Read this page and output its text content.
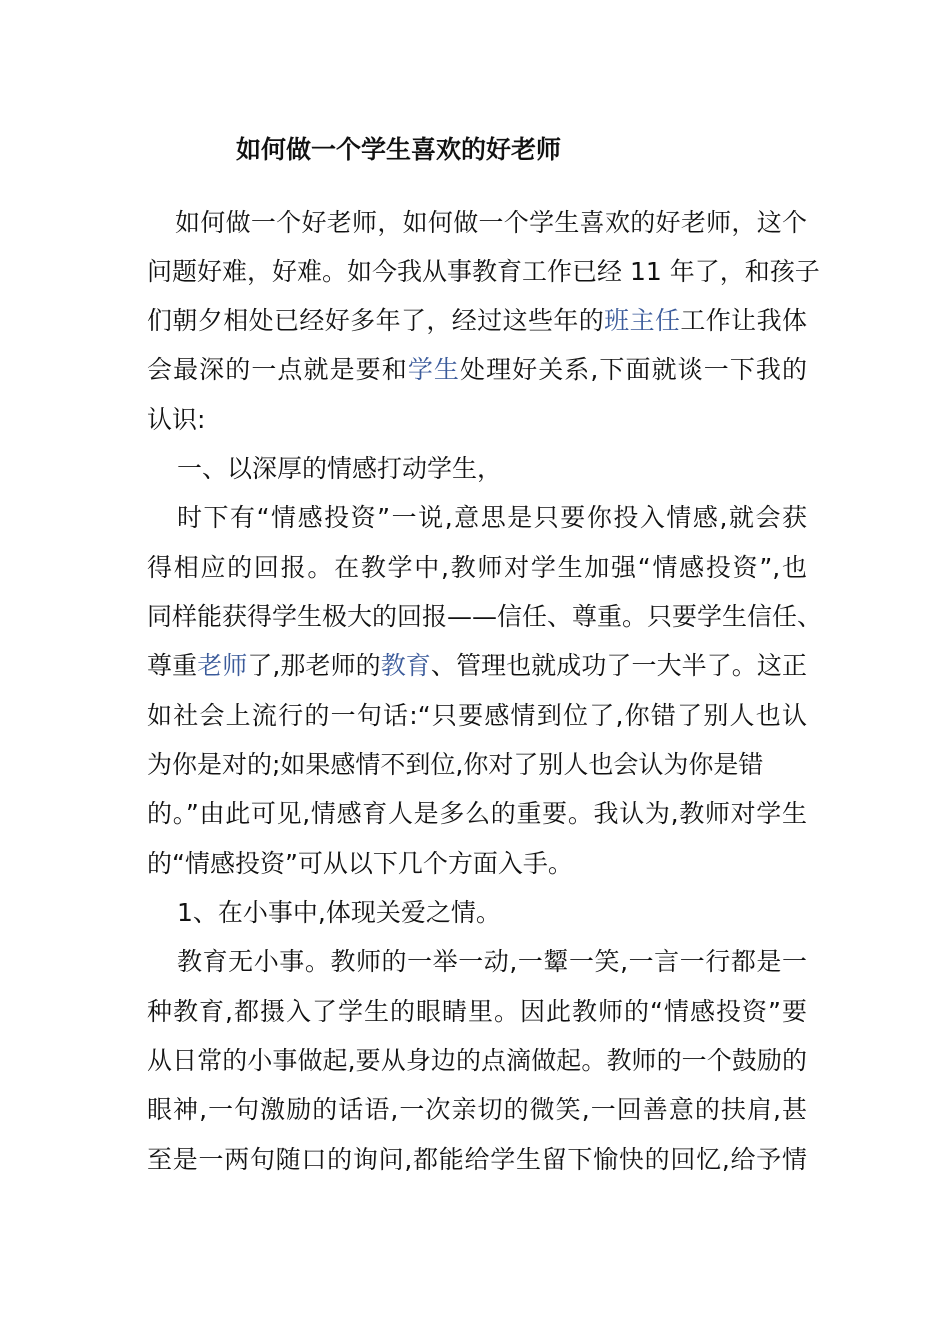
如何做一个学生喜欢的好老师

如何做一个好老师，如何做一个学生喜欢的好老师，这个

问题好难，好难。如今我从事教育工作已经 11 年了，和孩子

们朝夕相处已经好多年了，经过这些年的班主任工作让我体

会最深的一点就是要和学生处理好关系,下面就谈一下我的

认识:

一、以深厚的情感打动学生，

时下有“情感投资”一说,意思是只要你投入情感,就会获

得相应的回报。在教学中,教师对学生加强“情感投资”,也

同样能获得学生极大的回报——信任、尊重。只要学生信任、

尊重老师了,那老师的教育、管理也就成功了一大半了。这正

如社会上流行的一句话:“只要感情到位了,你错了别人也认

为你是对的;如果感情不到位,你对了别人也会认为你是错

的。”由此可见,情感育人是多么的重要。我认为,教师对学生

的“情感投资”可从以下几个方面入手。

1、在小事中,体现关爱之情。

教育无小事。教师的一举一动,一颦一笑,一言一行都是一

种教育,都摄入了学生的眼睛里。因此教师的“情感投资”要

从日常的小事做起,要从身边的点滴做起。教师的一个鼓励的

眼神,一句激励的话语,一次亲切的微笑,一回善意的扶肩,甚

至是一两句随口的询问,都能给学生留下愉快的回忆,给予情
